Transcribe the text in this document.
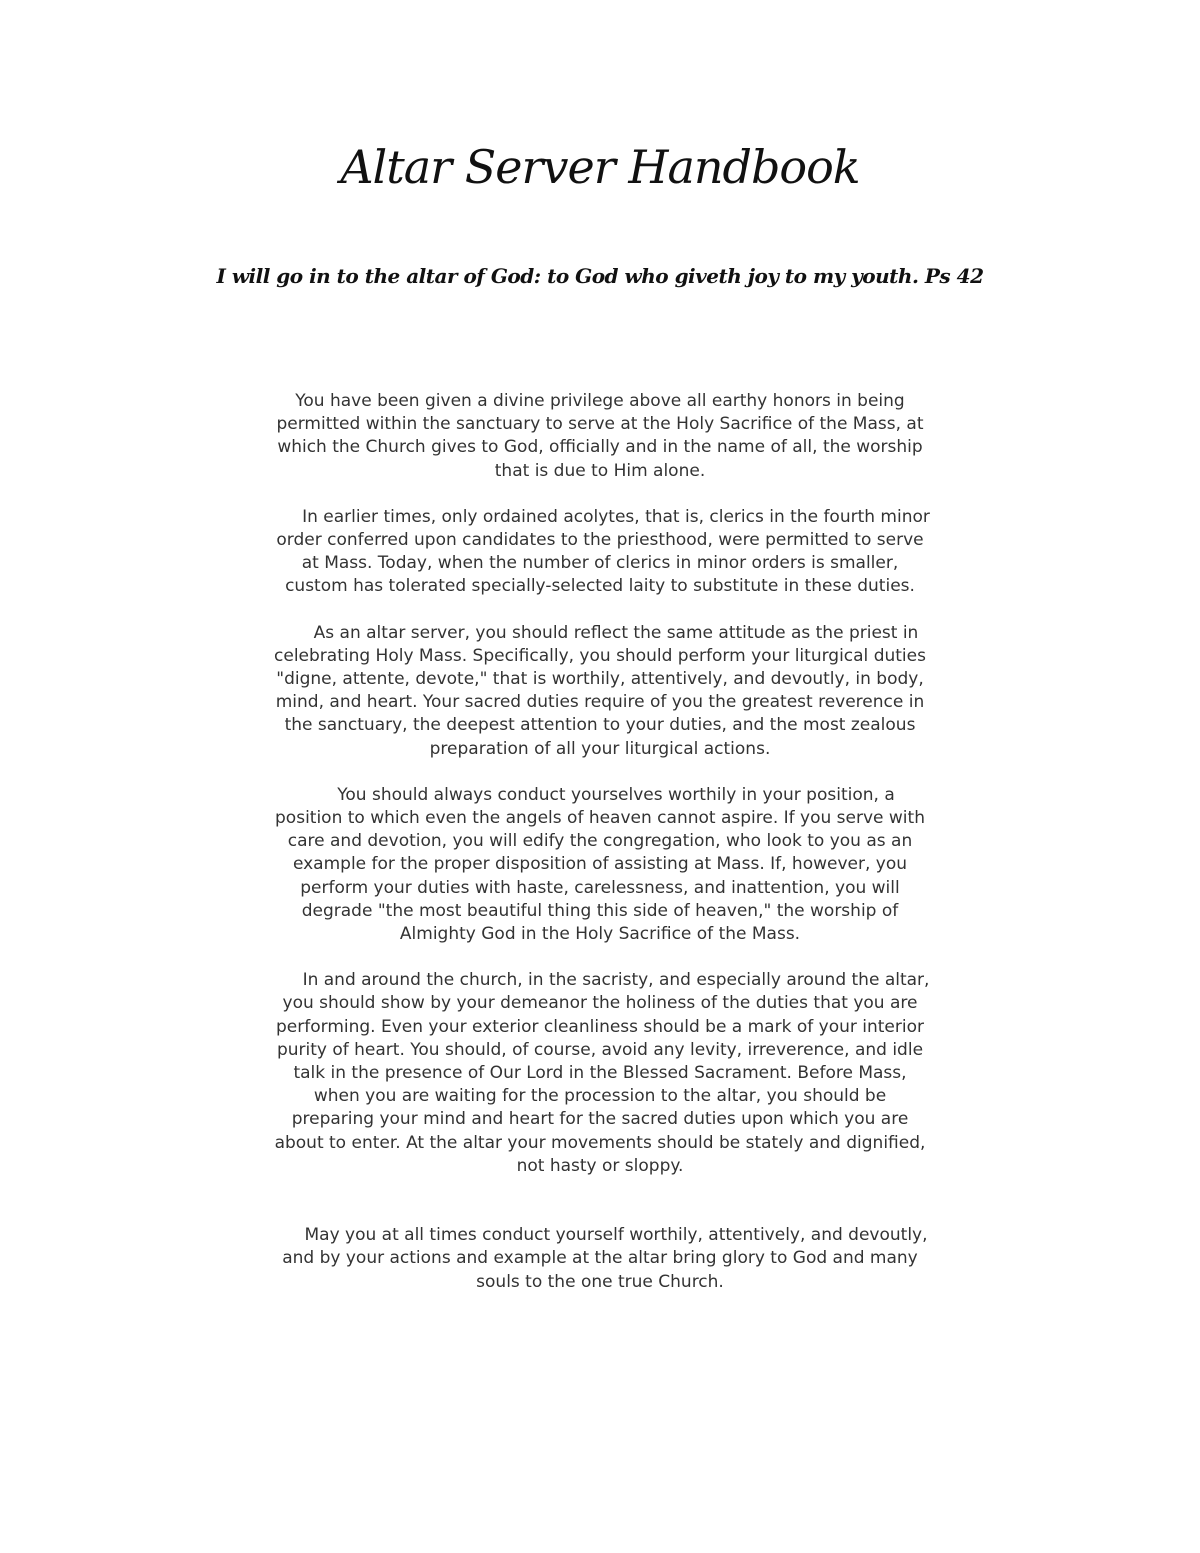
Altar Server Handbook

I will go in to the altar of God: to God who giveth joy to my youth. Ps 42

You have been given a divine privilege above all earthy honors in being permitted within the sanctuary to serve at the Holy Sacrifice of the Mass, at which the Church gives to God, officially and in the name of all, the worship that is due to Him alone.

In earlier times, only ordained acolytes, that is, clerics in the fourth minor order conferred upon candidates to the priesthood, were permitted to serve at Mass. Today, when the number of clerics in minor orders is smaller, custom has tolerated specially-selected laity to substitute in these duties.

As an altar server, you should reflect the same attitude as the priest in celebrating Holy Mass. Specifically, you should perform your liturgical duties "digne, attente, devote," that is worthily, attentively, and devoutly, in body, mind, and heart. Your sacred duties require of you the greatest reverence in the sanctuary, the deepest attention to your duties, and the most zealous preparation of all your liturgical actions.

You should always conduct yourselves worthily in your position, a position to which even the angels of heaven cannot aspire. If you serve with care and devotion, you will edify the congregation, who look to you as an example for the proper disposition of assisting at Mass. If, however, you perform your duties with haste, carelessness, and inattention, you will degrade "the most beautiful thing this side of heaven," the worship of Almighty God in the Holy Sacrifice of the Mass.

In and around the church, in the sacristy, and especially around the altar, you should show by your demeanor the holiness of the duties that you are performing. Even your exterior cleanliness should be a mark of your interior purity of heart. You should, of course, avoid any levity, irreverence, and idle talk in the presence of Our Lord in the Blessed Sacrament. Before Mass, when you are waiting for the procession to the altar, you should be preparing your mind and heart for the sacred duties upon which you are about to enter. At the altar your movements should be stately and dignified, not hasty or sloppy.

May you at all times conduct yourself worthily, attentively, and devoutly, and by your actions and example at the altar bring glory to God and many souls to the one true Church.
